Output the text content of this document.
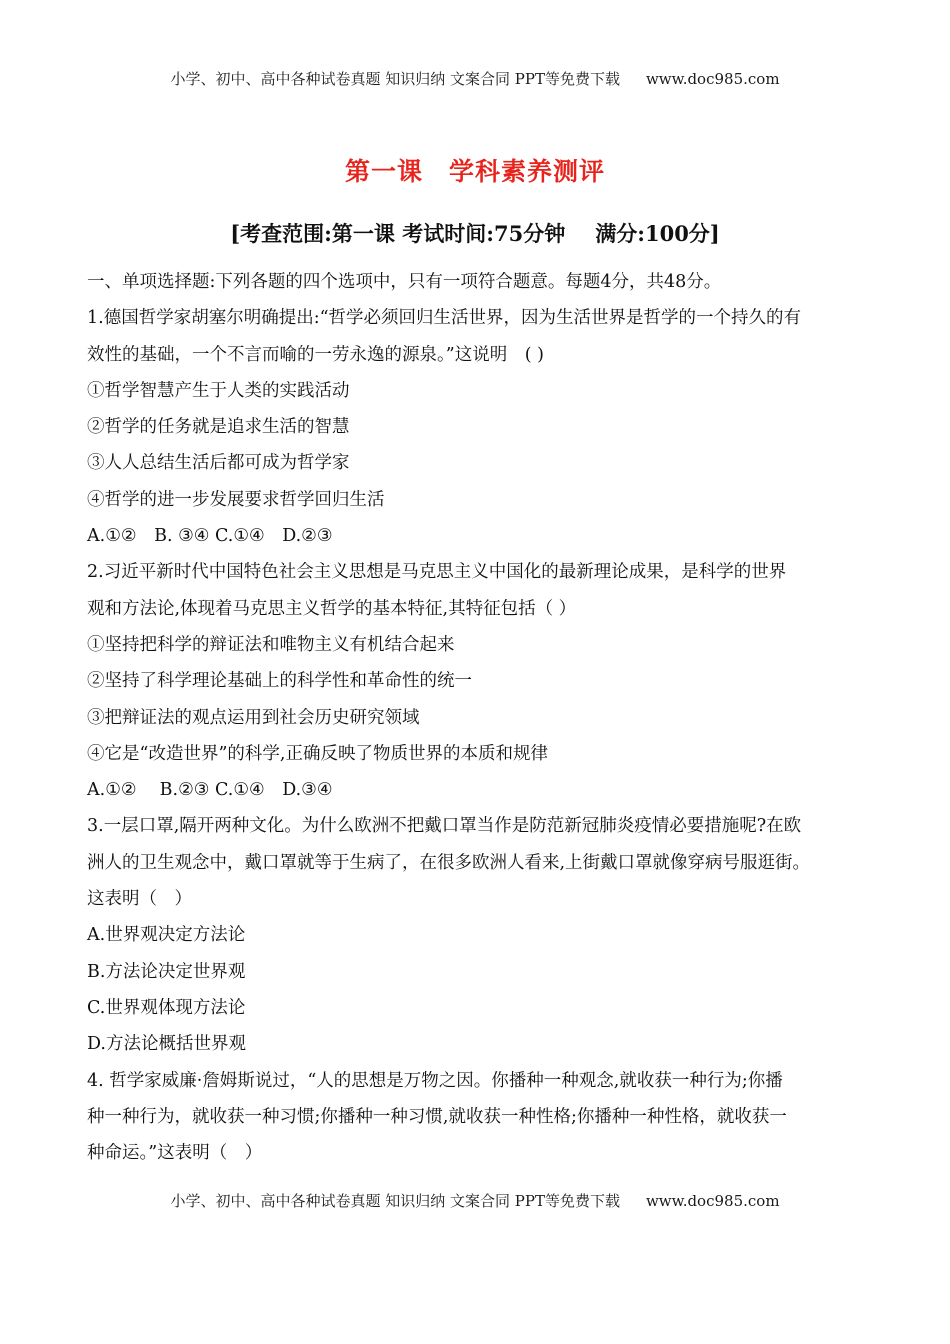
小学、初中、高中各种试卷真题 知识归纳 文案合同 PPT等免费下载 www.doc985.com
第一课 学科素养测评
[考查范围:第一课 考试时间:75分钟 满分:100分]
一、单项选择题:下列各题的四个选项中，只有一项符合题意。每题4分，共48分。
1.德国哲学家胡塞尔明确提出:“哲学必须回归生活世界，因为生活世界是哲学的一个持久的有
效性的基础，一个不言而喻的一劳永逸的源泉。”这说明　( )
①哲学智慧产生于人类的实践活动
②哲学的任务就是追求生活的智慧
③人人总结生活后都可成为哲学家
④哲学的进一步发展要求哲学回归生活
A.①②　B. ③④ C.①④　D.②③
2.习近平新时代中国特色社会主义思想是马克思主义中国化的最新理论成果，是科学的世界
观和方法论,体现着马克思主义哲学的基本特征,其特征包括（ ）
①坚持把科学的辩证法和唯物主义有机结合起来
②坚持了科学理论基础上的科学性和革命性的统一
③把辩证法的观点运用到社会历史研究领域
④它是“改造世界”的科学,正确反映了物质世界的本质和规律
A.①②　 B.②③ C.①④　D.③④
3.一层口罩,隔开两种文化。为什么欧洲不把戴口罩当作是防范新冠肺炎疫情必要措施呢?在欧
洲人的卫生观念中，戴口罩就等于生病了，在很多欧洲人看来,上街戴口罩就像穿病号服逛街。
这表明（　）
A.世界观决定方法论
B.方法论决定世界观
C.世界观体现方法论
D.方法论概括世界观
4. 哲学家威廉·詹姆斯说过，“人的思想是万物之因。你播种一种观念,就收获一种行为;你播
种一种行为，就收获一种习惯;你播种一种习惯,就收获一种性格;你播种一种性格，就收获一
种命运。”这表明（　）
小学、初中、高中各种试卷真题 知识归纳 文案合同 PPT等免费下载 www.doc985.com
